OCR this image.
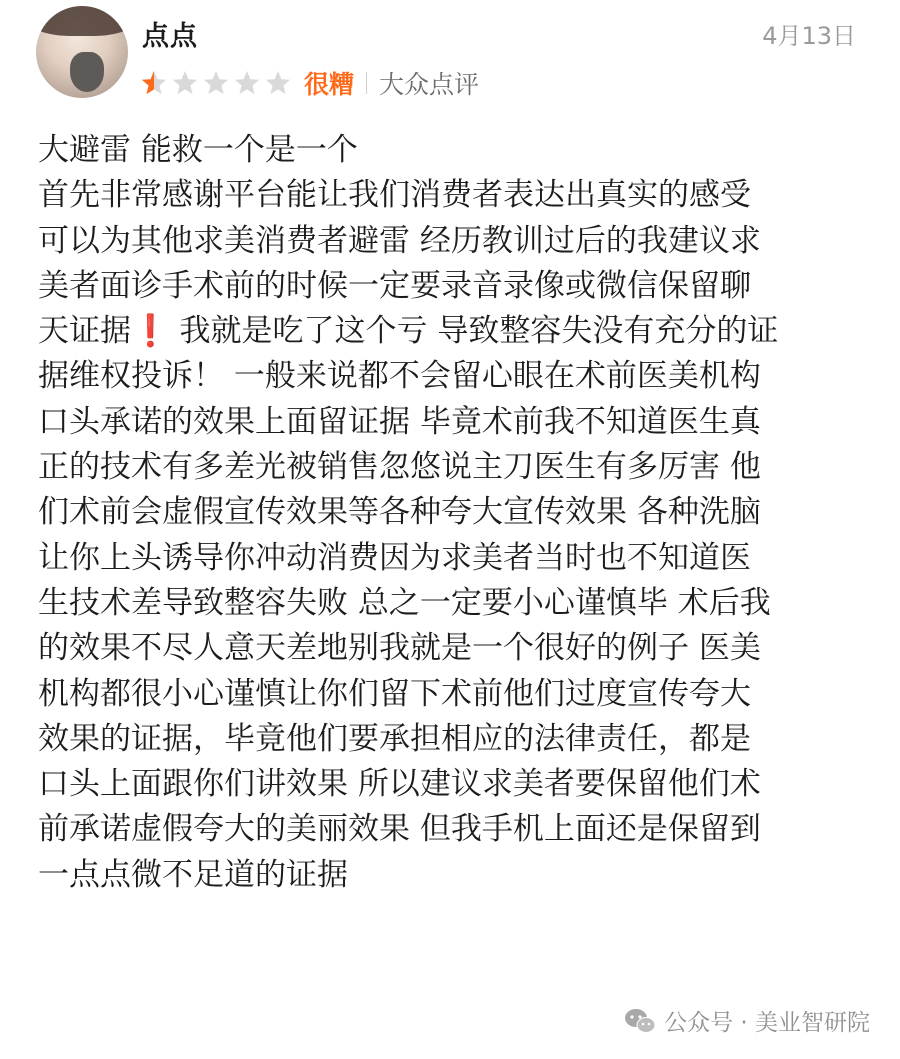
点点	4月13日
很糟 大众点评
大避雷 能救一个是一个
首先非常感谢平台能让我们消费者表达出真实的感受
可以为其他求美消费者避雷 经历教训过后的我建议求
美者面诊手术前的时候一定要录音录像或微信保留聊
天证据❗ 我就是吃了这个亏 导致整容失没有充分的证
据维权投诉！ 一般来说都不会留心眼在术前医美机构
口头承诺的效果上面留证据 毕竟术前我不知道医生真
正的技术有多差光被销售忽悠说主刀医生有多厉害 他
们术前会虚假宣传效果等各种夸大宣传效果 各种洗脑
让你上头诱导你冲动消费因为求美者当时也不知道医
生技术差导致整容失败 总之一定要小心谨慎毕 术后我
的效果不尽人意天差地别我就是一个很好的例子 医美
机构都很小心谨慎让你们留下术前他们过度宣传夸大
效果的证据，毕竟他们要承担相应的法律责任，都是
口头上面跟你们讲效果 所以建议求美者要保留他们术
前承诺虚假夸大的美丽效果 但我手机上面还是保留到
一点点微不足道的证据
公众号 · 美业智研院
